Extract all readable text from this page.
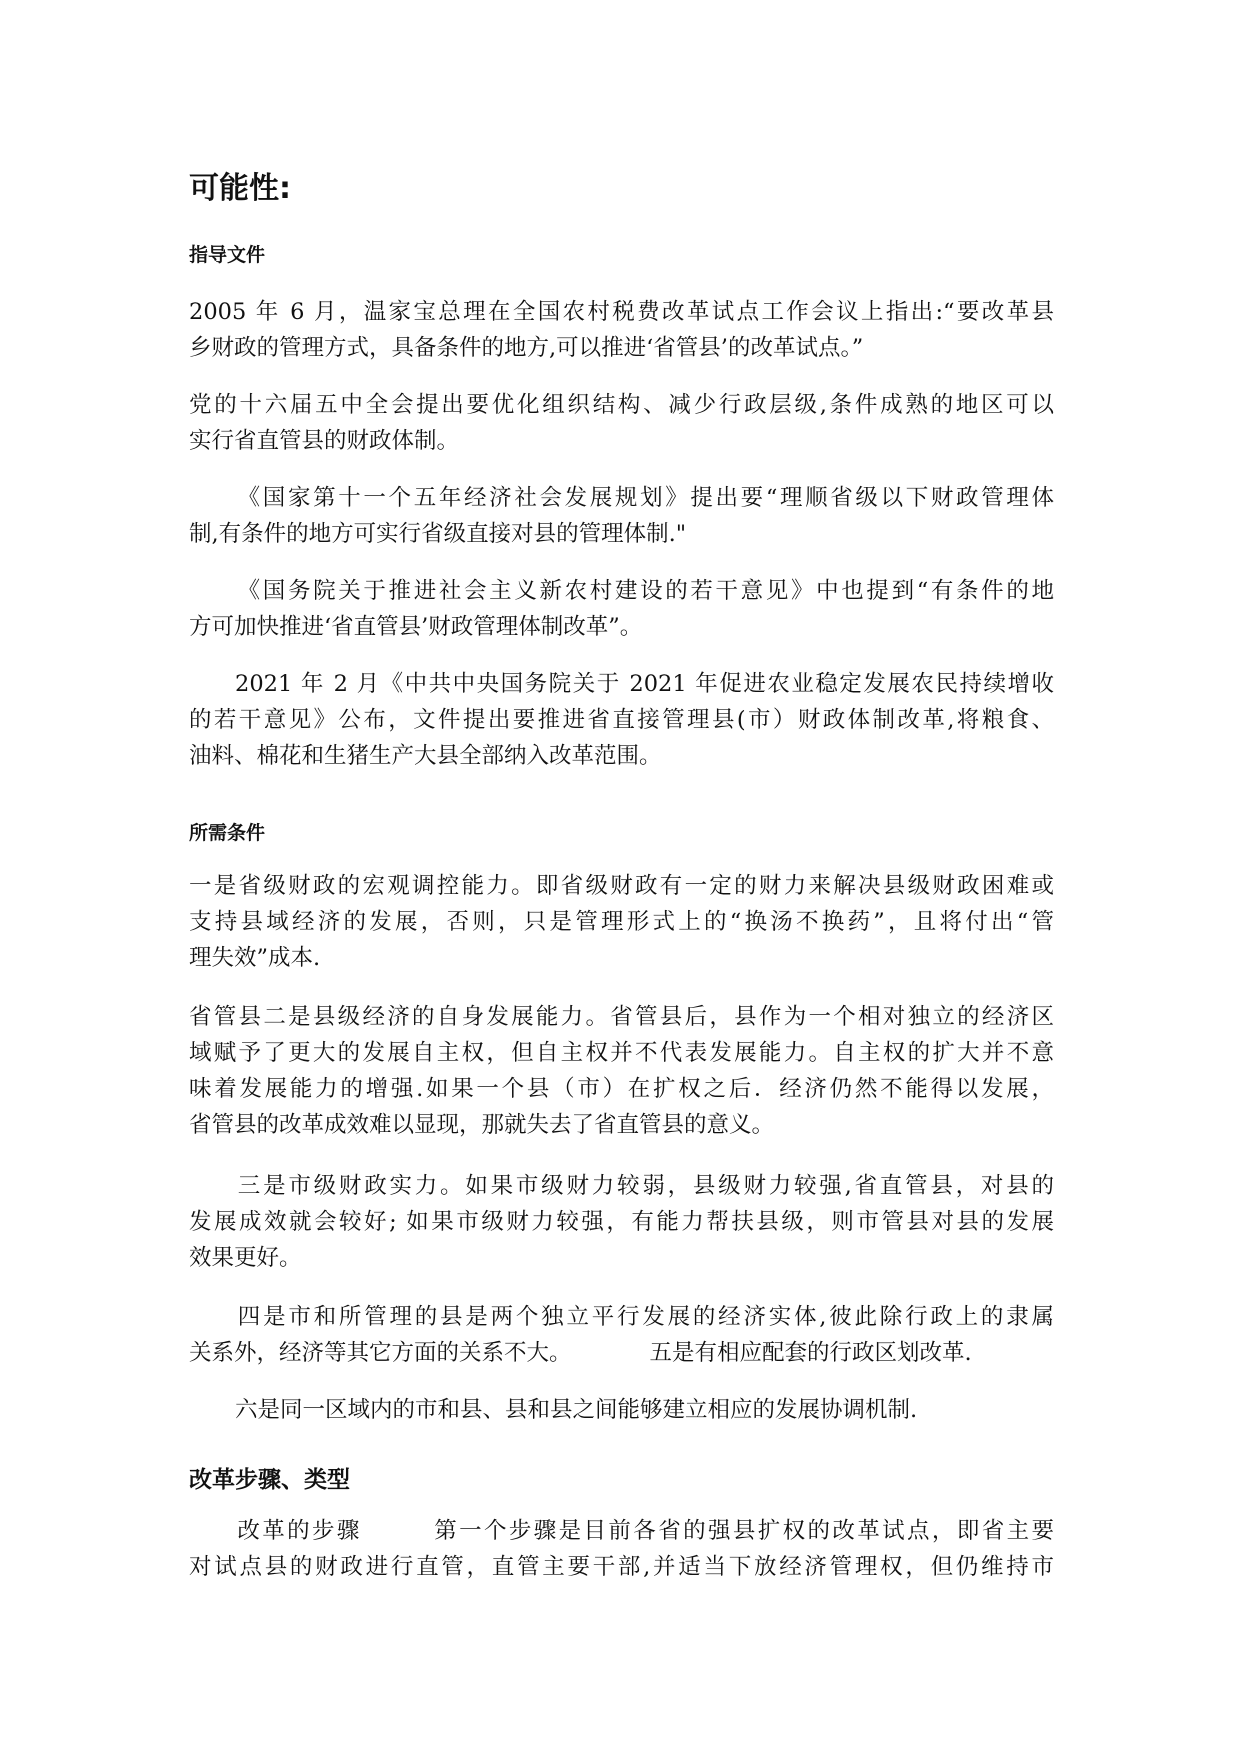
可能性:
指导文件
2005 年 6 月，温家宝总理在全国农村税费改革试点工作会议上指出:“要改革县
乡财政的管理方式，具备条件的地方,可以推进‘省管县’的改革试点。”
党的十六届五中全会提出要优化组织结构、减少行政层级,条件成熟的地区可以
实行省直管县的财政体制。
《国家第十一个五年经济社会发展规划》提出要“理顺省级以下财政管理体
制,有条件的地方可实行省级直接对县的管理体制."
《国务院关于推进社会主义新农村建设的若干意见》中也提到“有条件的地
方可加快推进‘省直管县’财政管理体制改革”。
2021 年 2 月《中共中央国务院关于 2021 年促进农业稳定发展农民持续增收
的若干意见》公布，文件提出要推进省直接管理县(市）财政体制改革,将粮食、
油料、棉花和生猪生产大县全部纳入改革范围。
所需条件
一是省级财政的宏观调控能力。即省级财政有一定的财力来解决县级财政困难或
支持县域经济的发展，否则，只是管理形式上的“换汤不换药”，且将付出“管
理失效”成本.
省管县二是县级经济的自身发展能力。省管县后，县作为一个相对独立的经济区
域赋予了更大的发展自主权，但自主权并不代表发展能力。自主权的扩大并不意
味着发展能力的增强.如果一个县（市）在扩权之后．经济仍然不能得以发展，
省管县的改革成效难以显现，那就失去了省直管县的意义。
三是市级财政实力。如果市级财力较弱，县级财力较强,省直管县，对县的
发展成效就会较好; 如果市级财力较强，有能力帮扶县级，则市管县对县的发展
效果更好。
四是市和所管理的县是两个独立平行发展的经济实体,彼此除行政上的隶属
关系外，经济等其它方面的关系不大。	五是有相应配套的行政区划改革.
六是同一区域内的市和县、县和县之间能够建立相应的发展协调机制.
改革步骤、类型
改革的步骤	第一个步骤是目前各省的强县扩权的改革试点，即省主要
对试点县的财政进行直管，直管主要干部,并适当下放经济管理权，但仍维持市
